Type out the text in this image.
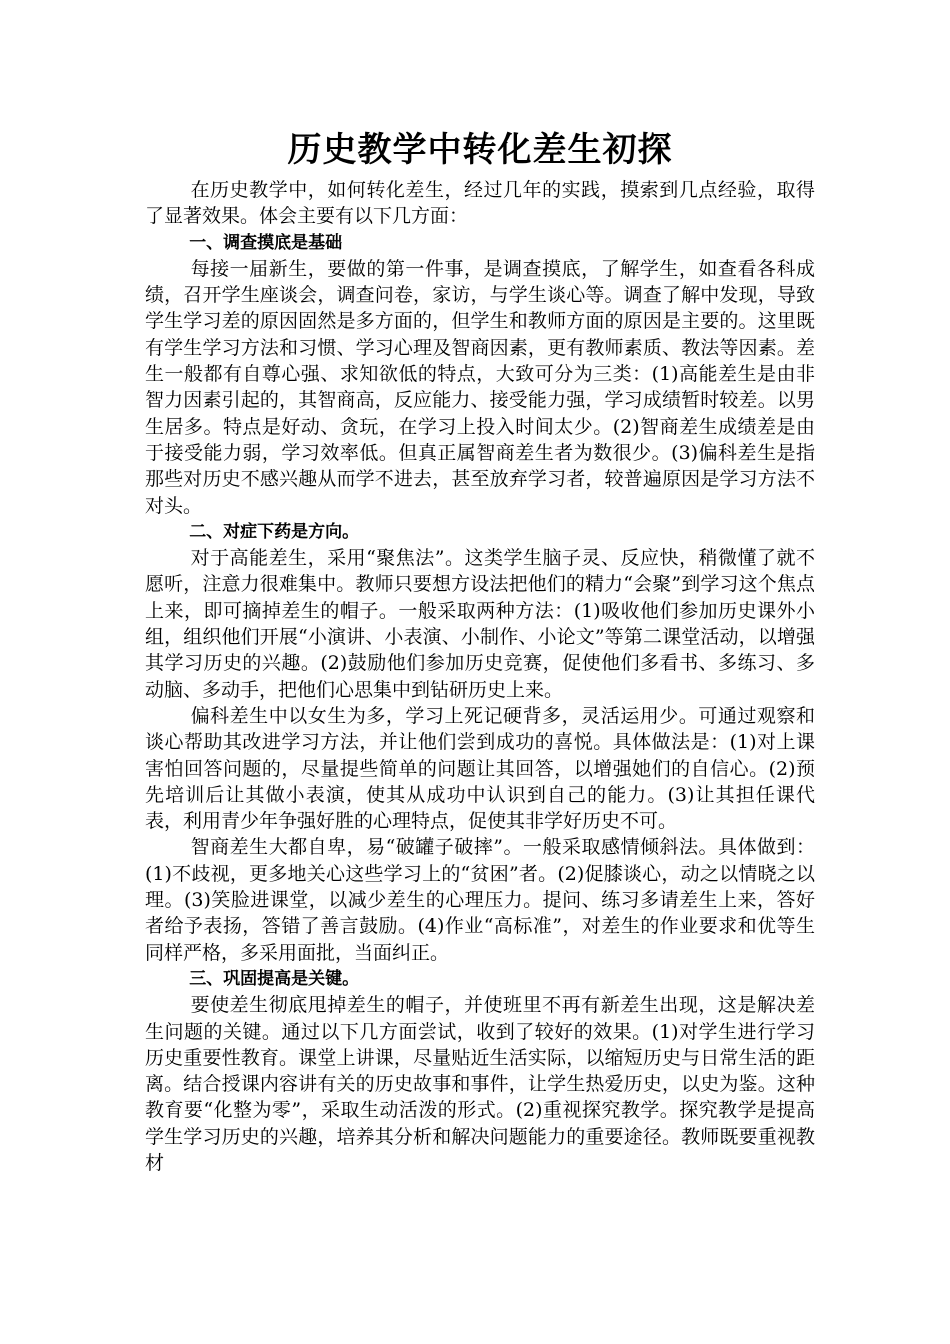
历史教学中转化差生初探

在历史教学中，如何转化差生，经过几年的实践，摸索到几点经验，取得了显著效果。体会主要有以下几方面：

一、调查摸底是基础

每接一届新生，要做的第一件事，是调查摸底，了解学生，如查看各科成绩，召开学生座谈会，调查问卷，家访，与学生谈心等。调查了解中发现，导致学生学习差的原因固然是多方面的，但学生和教师方面的原因是主要的。这里既有学生学习方法和习惯、学习心理及智商因素，更有教师素质、教法等因素。差生一般都有自尊心强、求知欲低的特点，大致可分为三类：(1)高能差生是由非智力因素引起的，其智商高，反应能力、接受能力强，学习成绩暂时较差。以男生居多。特点是好动、贪玩，在学习上投入时间太少。(2)智商差生成绩差是由于接受能力弱，学习效率低。但真正属智商差生者为数很少。(3)偏科差生是指那些对历史不感兴趣从而学不进去，甚至放弃学习者，较普遍原因是学习方法不对头。

二、对症下药是方向。

对于高能差生，采用“聚焦法”。这类学生脑子灵、反应快，稍微懂了就不愿听，注意力很难集中。教师只要想方设法把他们的精力“会聚”到学习这个焦点上来，即可摘掉差生的帽子。一般采取两种方法：(1)吸收他们参加历史课外小组，组织他们开展“小演讲、小表演、小制作、小论文”等第二课堂活动，以增强其学习历史的兴趣。(2)鼓励他们参加历史竞赛，促使他们多看书、多练习、多动脑、多动手，把他们心思集中到钻研历史上来。

偏科差生中以女生为多，学习上死记硬背多，灵活运用少。可通过观察和谈心帮助其改进学习方法，并让他们尝到成功的喜悦。具体做法是：(1)对上课害怕回答问题的，尽量提些简单的问题让其回答，以增强她们的自信心。(2)预先培训后让其做小表演，使其从成功中认识到自己的能力。(3)让其担任课代表，利用青少年争强好胜的心理特点，促使其非学好历史不可。

智商差生大都自卑，易“破罐子破摔”。一般采取感情倾斜法。具体做到：(1)不歧视，更多地关心这些学习上的“贫困”者。(2)促膝谈心，动之以情晓之以理。(3)笑脸进课堂，以减少差生的心理压力。提问、练习多请差生上来，答好者给予表扬，答错了善言鼓励。(4)作业“高标准”，对差生的作业要求和优等生同样严格，多采用面批，当面纠正。

三、巩固提高是关键。

要使差生彻底甩掉差生的帽子，并使班里不再有新差生出现，这是解决差生问题的关键。通过以下几方面尝试，收到了较好的效果。(1)对学生进行学习历史重要性教育。课堂上讲课，尽量贴近生活实际，以缩短历史与日常生活的距离。结合授课内容讲有关的历史故事和事件，让学生热爱历史，以史为鉴。这种教育要“化整为零”，采取生动活泼的形式。(2)重视探究教学。探究教学是提高学生学习历史的兴趣，培养其分析和解决问题能力的重要途径。教师既要重视教材
